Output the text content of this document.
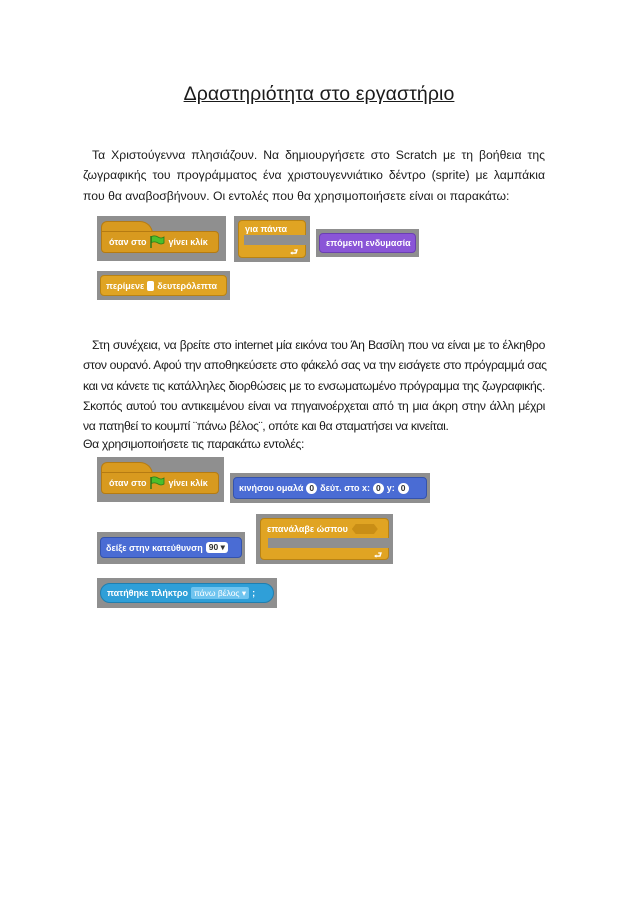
Δραστηριότητα στο εργαστήριο

Τα Χριστούγεννα πλησιάζουν. Να δημιουργήσετε στο Scratch με τη βοήθεια της
ζωγραφικής του προγράμματος ένα χριστουγεννιάτικο δέντρο (sprite) με λαμπάκια
που θα αναβοσβήνουν. Οι εντολές που θα χρησιμοποιήσετε είναι οι παρακάτω:

όταν στο γίνει κλίκ
για πάντα
⮐
επόμενη ενδυμασία
περίμενε δευτερόλεπτα

Στη συνέχεια, να βρείτε στο internet μία εικόνα του Άη Βασίλη που να είναι με το έλκηθρο
στον ουρανό. Αφού την αποθηκεύσετε στο φάκελό σας να την εισάγετε στο πρόγραμμά σας
και να κάνετε τις κατάλληλες διορθώσεις με το ενσωματωμένο πρόγραμμα της ζωγραφικής.
Σκοπός αυτού του αντικειμένου είναι να πηγαινοέρχεται από τη μια άκρη στην άλλη μέχρι
να πατηθεί το κουμπί ¨πάνω βέλος¨, οπότε και θα σταματήσει να κινείται.

Θα χρησιμοποιήσετε τις παρακάτω εντολές:

όταν στο γίνει κλίκ	κινήσου ομαλά 0 δεύτ. στο x: 0 y: 0
επανάλαβε ώσπου
⮐
δείξε στην κατεύθυνση 90 ▾
πατήθηκε πλήκτρο πάνω βέλος ▾ ;
